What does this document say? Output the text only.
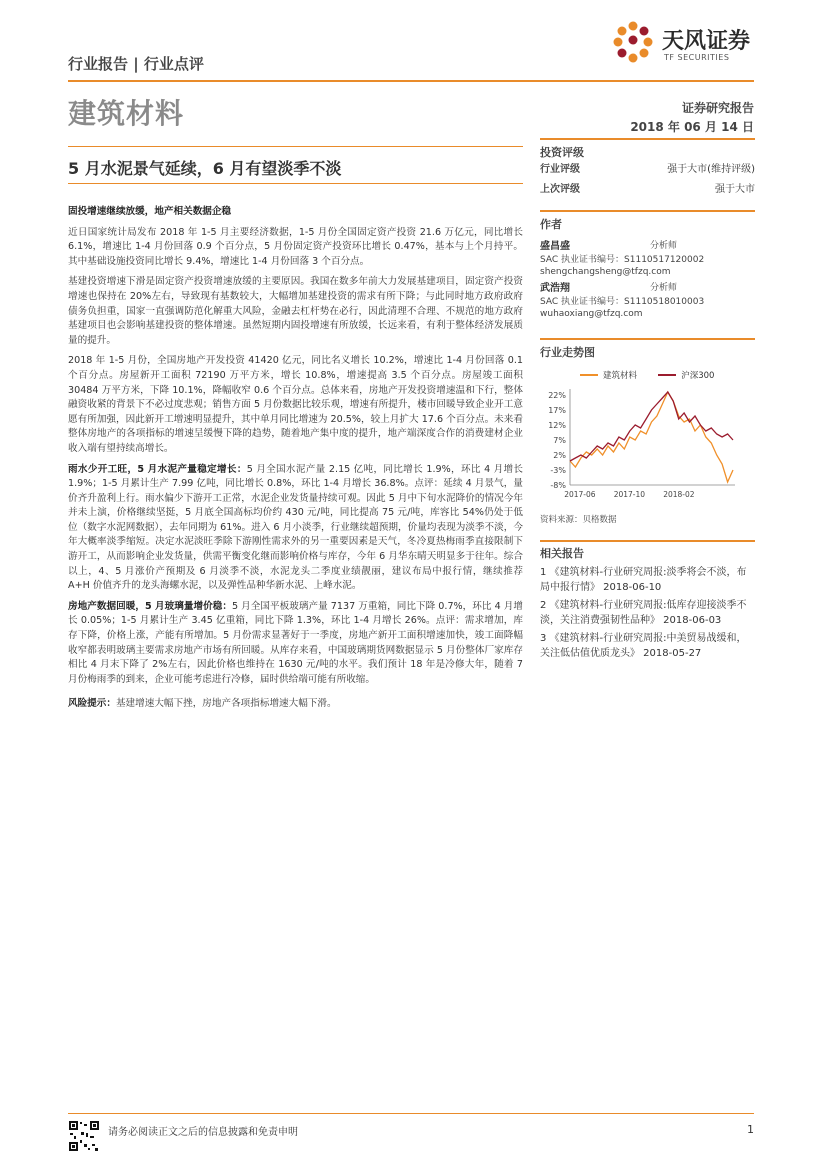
天风证券
TF SECURITIES
行业报告 | 行业点评
建筑材料	证券研究报告
2018 年 06 月 14 日
5 月水泥景气延续，6 月有望淡季不淡

固投增速继续放缓，地产相关数据企稳

近日国家统计局发布 2018 年 1-5 月主要经济数据，1-5 月份全国固定资产投资 21.6 万亿元，同比增长 6.1%，增速比 1-4 月份回落 0.9 个百分点，5 月份固定资产投资环比增长 0.47%，基本与上个月持平。其中基础设施投资同比增长 9.4%，增速比 1-4 月份回落 3 个百分点。

基建投资增速下滑是固定资产投资增速放缓的主要原因。我国在数多年前大力发展基建项目，固定资产投资增速也保持在 20%左右，导致现有基数较大，大幅增加基建投资的需求有所下降；与此同时地方政府政府债务负担重，国家一直强调防范化解重大风险，金融去杠杆势在必行，因此清理不合理、不规范的地方政府基建项目也会影响基建投资的整体增速。虽然短期内固投增速有所放缓，长远来看，有利于整体经济发展质量的提升。

2018 年 1-5 月份，全国房地产开发投资 41420 亿元，同比名义增长 10.2%，增速比 1-4 月份回落 0.1 个百分点。房屋新开工面积 72190 万平方米，增长 10.8%，增速提高 3.5 个百分点。房屋竣工面积 30484 万平方米，下降 10.1%，降幅收窄 0.6 个百分点。总体来看，房地产开发投资增速温和下行，整体融资收紧的背景下不必过度悲观；销售方面 5 月份数据比较乐观，增速有所提升，楼市回暖导致企业开工意愿有所加强，因此新开工增速明显提升，其中单月同比增速为 20.5%，较上月扩大 17.6 个百分点。未来看整体房地产的各项指标的增速呈缓慢下降的趋势，随着地产集中度的提升，地产端深度合作的消费建材企业收入端有望持续高增长。

雨水少开工旺，5 月水泥产量稳定增长：5 月全国水泥产量 2.15 亿吨，同比增长 1.9%，环比 4 月增长 1.9%；1-5 月累计生产 7.99 亿吨，同比增长 0.8%，环比 1-4 月增长 36.8%。点评：延续 4 月景气，量价齐升盈利上行。雨水偏少下游开工正常，水泥企业发货量持续可观。因此 5 月中下旬水泥降价的情况今年并未上演，价格继续坚挺，5 月底全国高标均价约 430 元/吨，同比提高 75 元/吨，库容比 54%仍处于低位（数字水泥网数据），去年同期为 61%。进入 6 月小淡季，行业继续超预期，价量均表现为淡季不淡，今年大概率淡季缩短。决定水泥淡旺季除下游刚性需求外的另一重要因素是天气，冬冷夏热梅雨季直接限制下游开工，从而影响企业发货量，供需平衡变化继而影响价格与库存，今年 6 月华东晴天明显多于往年。综合以上，4、5 月涨价产预期及 6 月淡季不淡，水泥龙头二季度业绩靓丽，建议布局中报行情，继续推荐 A+H 价值齐升的龙头海螺水泥，以及弹性品种华新水泥、上峰水泥。

房地产数据回暖，5 月玻璃量增价稳：5 月全国平板玻璃产量 7137 万重箱，同比下降 0.7%，环比 4 月增长 0.05%；1-5 月累计生产 3.45 亿重箱，同比下降 1.3%，环比 1-4 月增长 26%。点评：需求增加，库存下降，价格上涨，产能有所增加。5 月份需求显著好于一季度，房地产新开工面积增速加快，竣工面降幅收窄都表明玻璃主要需求房地产市场有所回暖。从库存来看，中国玻璃期货网数据显示 5 月份整体厂家库存相比 4 月末下降了 2%左右，因此价格也维持在 1630 元/吨的水平。我们预计 18 年是冷修大年，随着 7 月份梅雨季的到来，企业可能考虑进行冷修，届时供给端可能有所收缩。

风险提示：基建增速大幅下挫，房地产各项指标增速大幅下滑。

投资评级
行业评级	强于大市(维持评级)
上次评级	强于大市
作者
盛昌盛	分析师
SAC 执业证书编号：S1110517120002
shengchangsheng@tfzq.com
武浩翔	分析师
SAC 执业证书编号：S1110518010003
wuhaoxiang@tfzq.com
行业走势图
建筑材料
	沪深300
22%
17%
12%
7%
2%
-3%
-8%
2017-06 2017-10 2018-02
资料来源：贝格数据
相关报告
1 《建筑材料-行业研究周报:淡季将会不淡，布局中报行情》 2018-06-10
2 《建筑材料-行业研究周报:低库存迎接淡季不淡，关注消费强韧性品种》 2018-06-03
3 《建筑材料-行业研究周报:中美贸易战缓和，关注低估值优质龙头》 2018-05-27
请务必阅读正文之后的信息披露和免责申明	1
